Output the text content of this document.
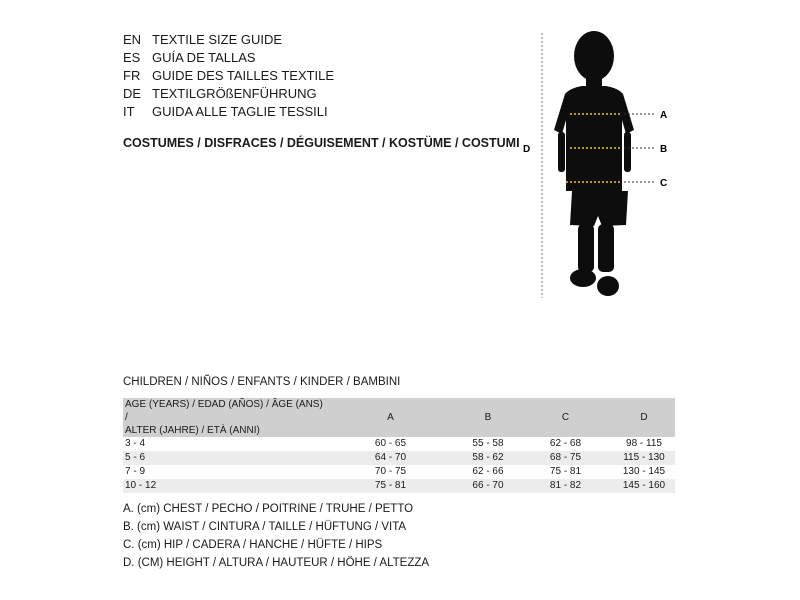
EN TEXTILE SIZE GUIDE
ES GUÍA DE TALLAS
FR GUIDE DES TAILLES TEXTILE
DE TEXTILGRÖßENFÜHRUNG
IT GUIDA ALLE TAGLIE TESSILI
COSTUMES / DISFRACES / DÉGUISEMENT / KOSTÜME / COSTUMI
A
B
C
D
CHILDREN / NIÑOS / ENFANTS / KINDER / BAMBINI
AGE (YEARS) / EDAD (AÑOS) / ÂGE (ANS) /
ALTER (JAHRE) / ETÀ (ANNI)	A	B	C	D
3 - 4	60 - 65	55 - 58	62 - 68	98 - 115
5 - 6	64 - 70	58 - 62	68 - 75	115 - 130
7 - 9	70 - 75	62 - 66	75 - 81	130 - 145
10 - 12	75 - 81	66 - 70	81 - 82	145 - 160
A. (cm) CHEST / PECHO / POITRINE / TRUHE / PETTO
B. (cm) WAIST / CINTURA / TAILLE / HÜFTUNG / VITA
C. (cm) HIP / CADERA / HANCHE / HÜFTE / HIPS
D. (CM) HEIGHT / ALTURA / HAUTEUR / HÖHE / ALTEZZA
